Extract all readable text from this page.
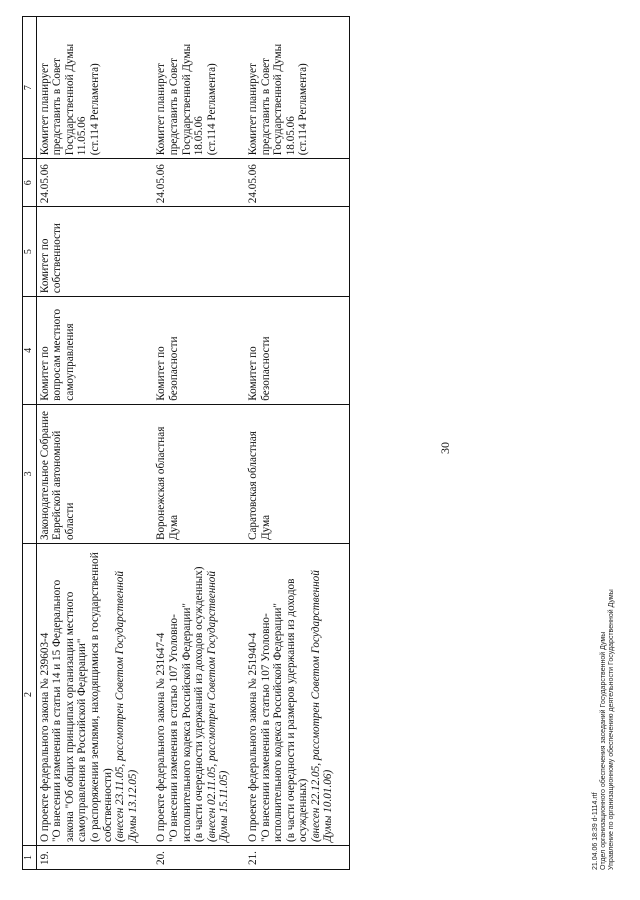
30
1	2	3	4	5	6	7
19.	О проекте федерального закона № 239603-4 "О внесении изменений в статьи 14 и 15 Федерального закона "Об общих принципах организации местного самоуправления в Российской Федерации" (о распоряжении землями, находящимися в государственной собственности) (внесен 23.11.05, рассмотрен Советом Государственной Думы 13.12.05)	Законодательное Собрание Еврейской автономной области	Комитет по вопросам местного самоуправления	Комитет по собственности	24.05.06	Комитет планирует представить в Совет Государственной Думы 11.05.06 (ст.114 Регламента)

20.	О проекте федерального закона № 231647-4 "О внесении изменения в статью 107 Уголовно-исполнительного кодекса Российской Федерации" (в части очередности удержаний из доходов осужденных) (внесен 02.11.05, рассмотрен Советом Государственной Думы 15.11.05)	Воронежская областная Дума	Комитет по безопасности		24.05.06	Комитет планирует представить в Совет Государственной Думы 18.05.06 (ст.114 Регламента)

21.	О проекте федерального закона № 251940-4 "О внесении изменений в статью 107 Уголовно-исполнительного кодекса Российской Федерации" (в части очередности и размеров удержания из доходов осужденных) (внесен 22.12.05, рассмотрен Советом Государственной Думы 10.01.06)	Саратовская областная Дума	Комитет по безопасности		24.05.06	Комитет планирует представить в Совет Государственной Думы 18.05.06 (ст.114 Регламента)
21.04.06 18:39 d-1114.rtf Отдел организационного обеспечения заседаний Государственной Думы Управление по организационному обеспечению деятельности Государственной Думы
